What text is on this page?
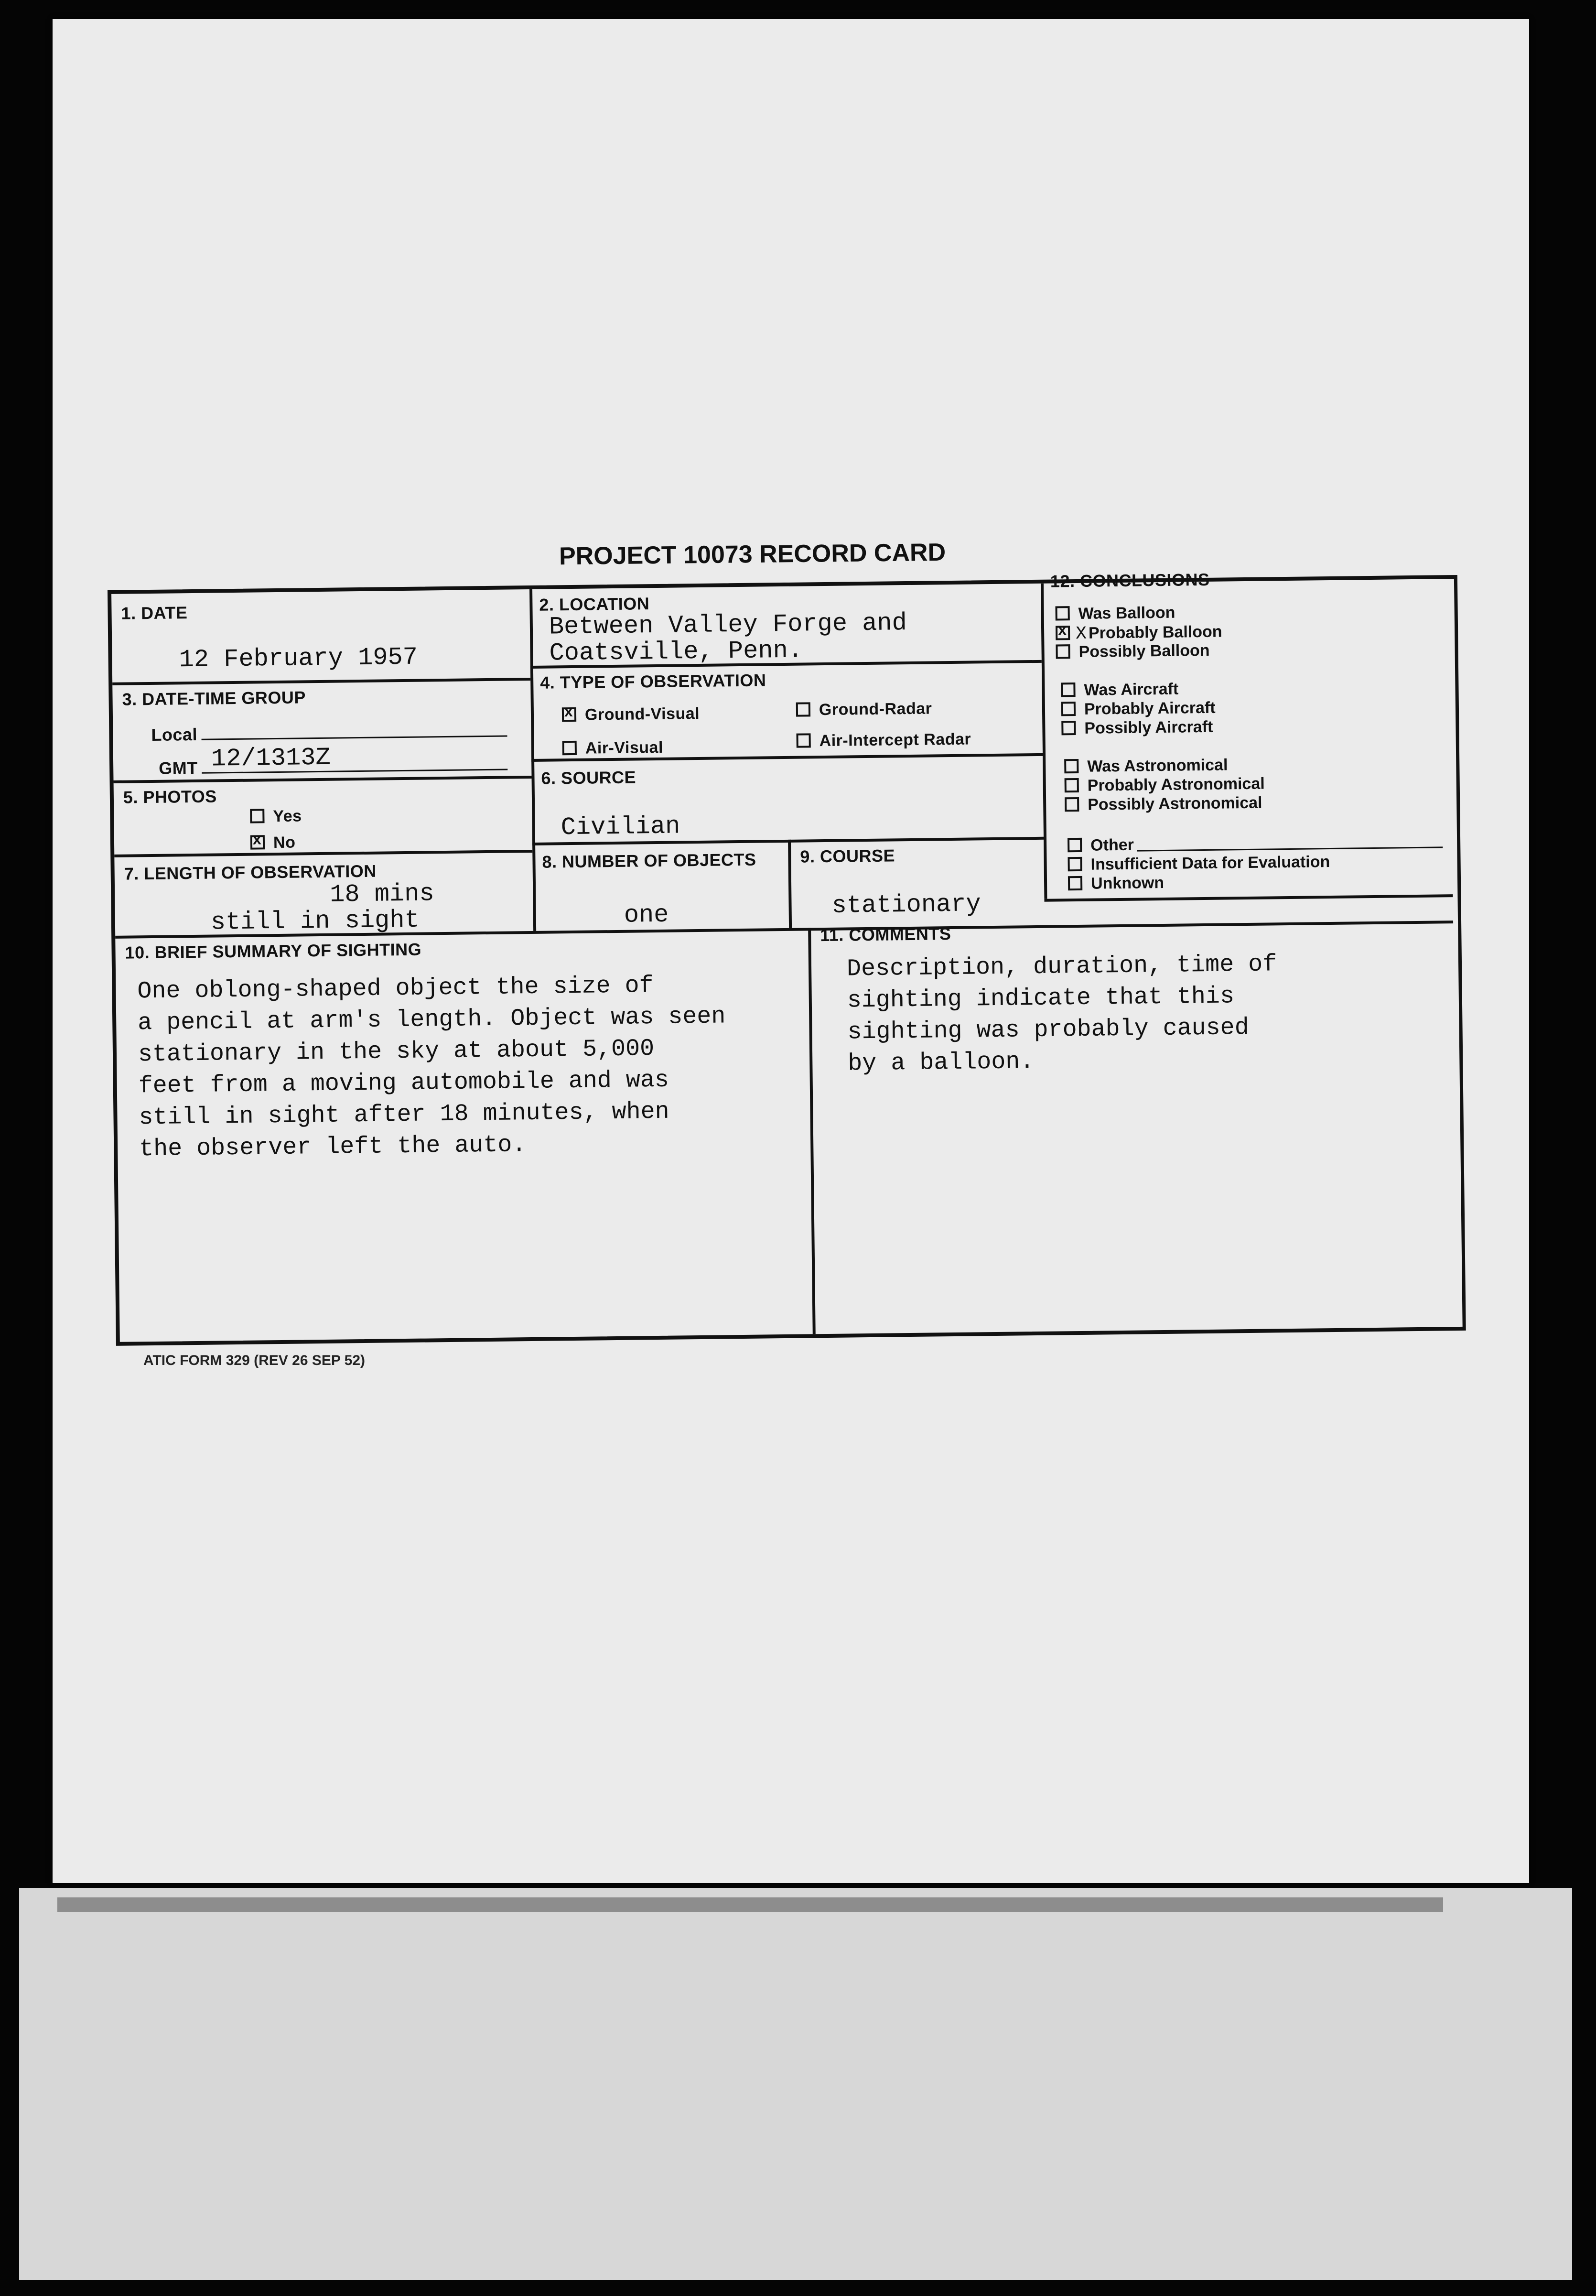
PROJECT 10073 RECORD CARD
1. DATE
12 February 1957
2. LOCATION
Between Valley Forge and
Coatsville, Penn.
3. DATE-TIME GROUP
Local
GMT 12/1313Z
4. TYPE OF OBSERVATION
xGround-Visual	Ground-Radar
Air-Visual	Air-Intercept Radar
5. PHOTOS
Yes
xNo
6. SOURCE
Civilian
7. LENGTH OF OBSERVATION
18 mins
still in sight
8. NUMBER OF OBJECTS
one
9. COURSE
stationary
10. BRIEF SUMMARY OF SIGHTING
One oblong-shaped object the size of
a pencil at arm's length. Object was seen
stationary in the sky at about 5,000
feet from a moving automobile and was
still in sight after 18 minutes, when
the observer left the auto.
11. COMMENTS
Description, duration, time of
sighting indicate that this
sighting was probably caused
by a balloon.
12. CONCLUSIONS
Was Balloon
xX Probably Balloon
Possibly Balloon
Was Aircraft
Probably Aircraft
Possibly Aircraft
Was Astronomical
Probably Astronomical
Possibly Astronomical
Other
Insufficient Data for Evaluation
Unknown
ATIC FORM 329 (REV 26 SEP 52)
